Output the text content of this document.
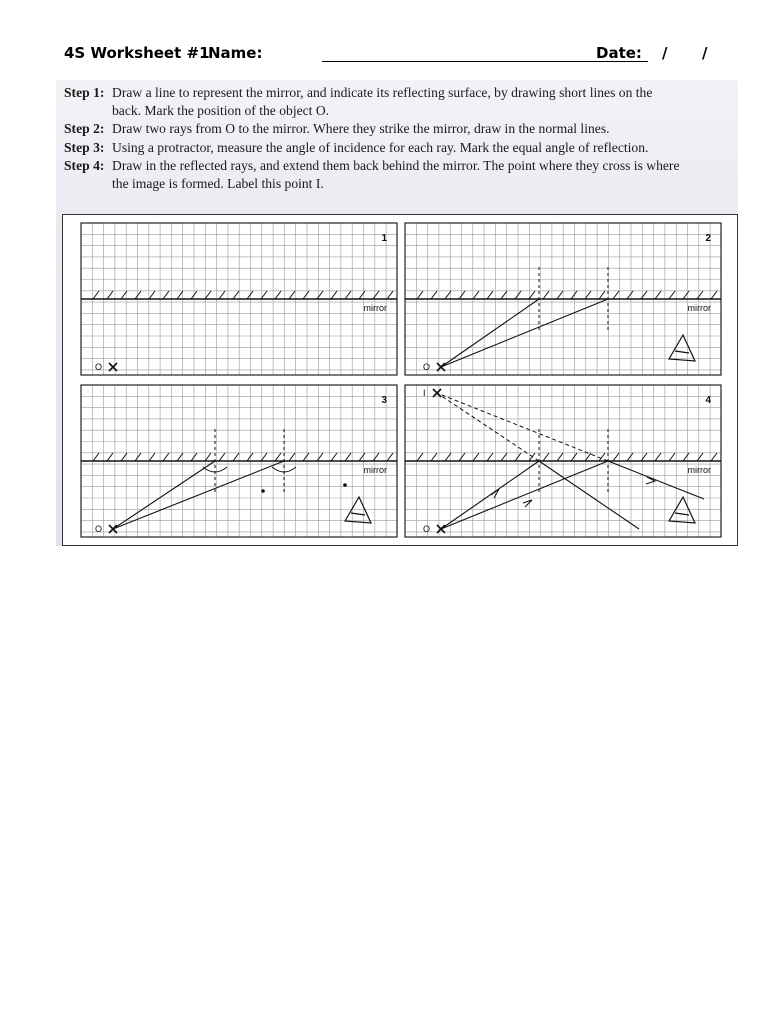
4S Worksheet #1
Name:	Date: / /
Step 1: Draw a line to represent the mirror, and indicate its reflecting surface, by drawing short lines on the
back. Mark the position of the object O.
Step 2: Draw two rays from O to the mirror. Where they strike the mirror, draw in the normal lines.
Step 3: Using a protractor, measure the angle of incidence for each ray. Mark the equal angle of reflection.
Step 4: Draw in the reflected rays, and extend them back behind the mirror. The point where they cross is where
the image is formed. Label this point I.
1
O
mirror
2
O
mirror
3
O
mirror
4
O
mirror
I
